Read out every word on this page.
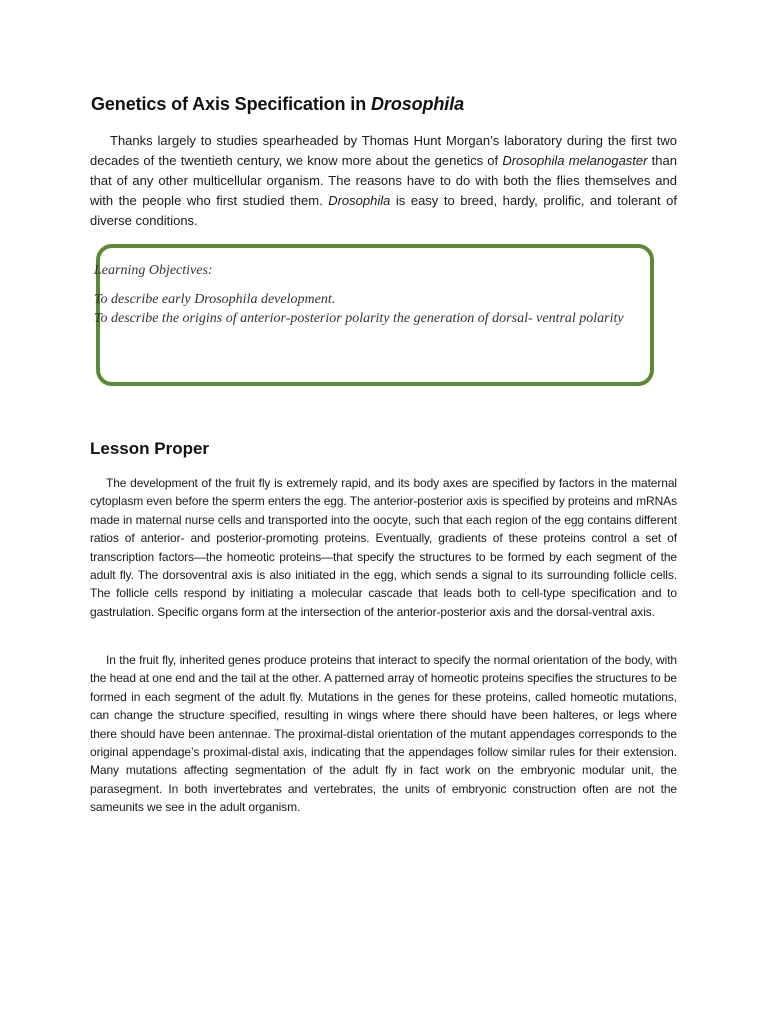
Genetics of Axis Specification in Drosophila

Thanks largely to studies spearheaded by Thomas Hunt Morgan’s laboratory during the first two decades of the twentieth century, we know more about the genetics of Drosophila melanogaster than that of any other multicellular organism. The reasons have to do with both the flies themselves and with the people who first studied them. Drosophila is easy to breed, hardy, prolific, and tolerant of diverse conditions.

Learning Objectives:

To describe early Drosophila development.

To describe the origins of anterior-posterior polarity the generation of dorsal- ventral polarity

Lesson Proper

The development of the fruit fly is extremely rapid, and its body axes are specified by factors in the maternal cytoplasm even before the sperm enters the egg. The anterior-posterior axis is specified by proteins and mRNAs made in maternal nurse cells and transported into the oocyte, such that each region of the egg contains different ratios of anterior- and posterior-promoting proteins. Eventually, gradients of these proteins control a set of transcription factors—the homeotic proteins—that specify the structures to be formed by each segment of the adult fly. The dorsoventral axis is also initiated in the egg, which sends a signal to its surrounding follicle cells. The follicle cells respond by initiating a molecular cascade that leads both to cell-type specification and to gastrulation. Specific organs form at the intersection of the anterior-posterior axis and the dorsal-ventral axis.

In the fruit fly, inherited genes produce proteins that interact to specify the normal orientation of the body, with the head at one end and the tail at the other. A patterned array of homeotic proteins specifies the structures to be formed in each segment of the adult fly. Mutations in the genes for these proteins, called homeotic mutations, can change the structure specified, resulting in wings where there should have been halteres, or legs where there should have been antennae. The proximal-distal orientation of the mutant appendages corresponds to the original appendage’s proximal-distal axis, indicating that the appendages follow similar rules for their extension. Many mutations affecting segmentation of the adult fly in fact work on the embryonic modular unit, the parasegment. In both invertebrates and vertebrates, the units of embryonic construction often are not the sameunits we see in the adult organism.
